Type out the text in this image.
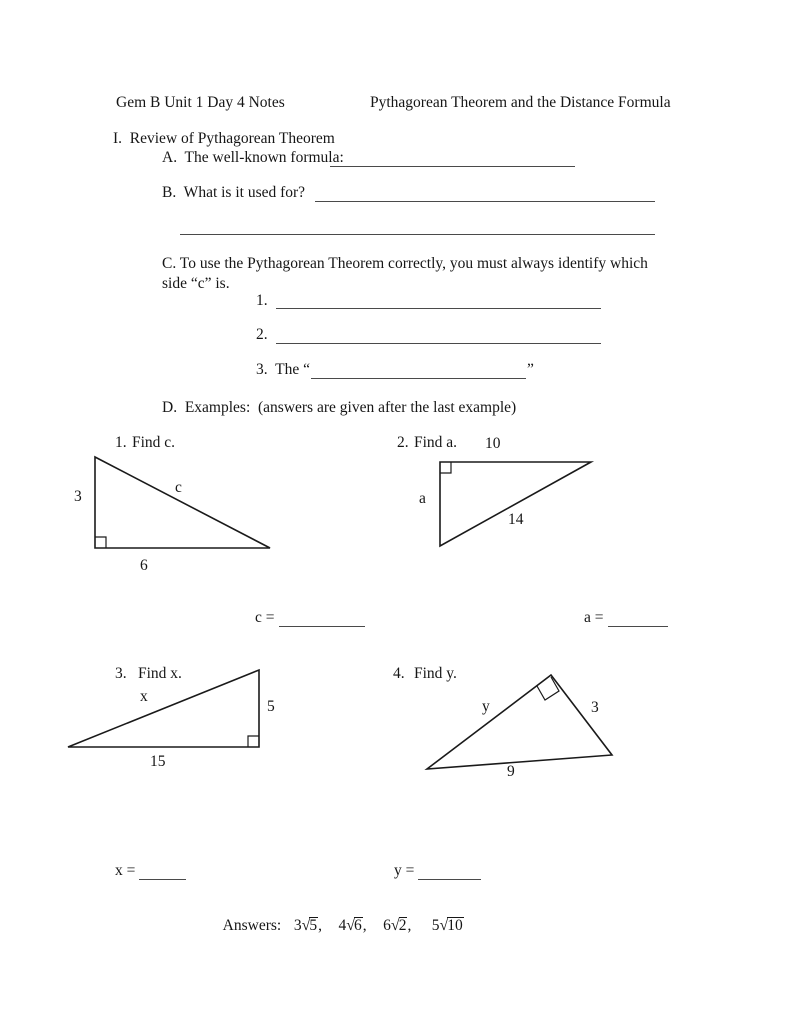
Gem B Unit 1 Day 4 Notes	Pythagorean Theorem and the Distance Formula
I.  Review of Pythagorean Theorem
A.  The well-known formula:
B.  What is it used for?
C. To use the Pythagorean Theorem correctly, you must always identify which side “c” is.
1.
2.
3.  The “	”
D.  Examples:  (answers are given after the last example)
1. Find c.
3
6
c
2. Find a. 10
a
14
c =	a =
3. Find x.
x
5
15
4. Find y.
y	3
9
x =	y =

Answers: 3√5, 4√6, 6√2, 5√10
